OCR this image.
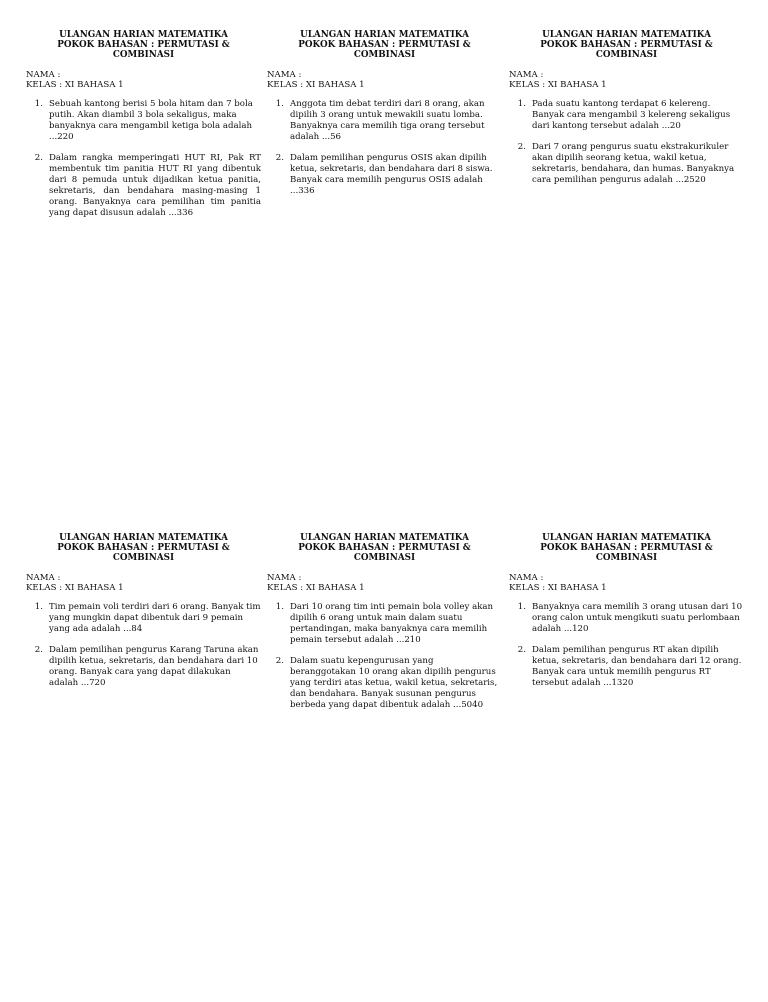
ULANGAN HARIAN MATEMATIKA
POKOK BAHASAN : PERMUTASI & COMBINASI
NAMA :
KELAS : XI BAHASA 1
1. Sebuah kantong berisi 5 bola hitam dan 7 bola putih. Akan diambil 3 bola sekaligus, maka banyaknya cara mengambil ketiga bola adalah ...220
2. Dalam rangka memperingati HUT RI, Pak RT membentuk tim panitia HUT RI yang dibentuk dari 8 pemuda untuk dijadikan ketua panitia, sekretaris, dan bendahara masing-masing 1 orang. Banyaknya cara pemilihan tim panitia yang dapat disusun adalah ...336
ULANGAN HARIAN MATEMATIKA
POKOK BAHASAN : PERMUTASI & COMBINASI
NAMA :
KELAS : XI BAHASA 1
1. Anggota tim debat terdiri dari 8 orang, akan dipilih 3 orang untuk mewakili suatu lomba. Banyaknya cara memilih tiga orang tersebut adalah ...56
2. Dalam pemilihan pengurus OSIS akan dipilih ketua, sekretaris, dan bendahara dari 8 siswa. Banyak cara memilih pengurus OSIS adalah ...336
ULANGAN HARIAN MATEMATIKA
POKOK BAHASAN : PERMUTASI & COMBINASI
NAMA :
KELAS : XI BAHASA 1
1. Pada suatu kantong terdapat 6 kelereng. Banyak cara mengambil 3 kelereng sekaligus dari kantong tersebut adalah ...20
2. Dari 7 orang pengurus suatu ekstrakurikuler akan dipilih seorang ketua, wakil ketua, sekretaris, bendahara, dan humas. Banyaknya cara pemilihan pengurus adalah ...2520
ULANGAN HARIAN MATEMATIKA
POKOK BAHASAN : PERMUTASI & COMBINASI
NAMA :
KELAS : XI BAHASA 1
1. Tim pemain voli terdiri dari 6 orang. Banyak tim yang mungkin dapat dibentuk dari 9 pemain yang ada adalah ...84
2. Dalam pemilihan pengurus Karang Taruna akan dipilih ketua, sekretaris, dan bendahara dari 10 orang. Banyak cara yang dapat dilakukan adalah ...720
ULANGAN HARIAN MATEMATIKA
POKOK BAHASAN : PERMUTASI & COMBINASI
NAMA :
KELAS : XI BAHASA 1
1. Dari 10 orang tim inti pemain bola volley akan dipilih 6 orang untuk main dalam suatu pertandingan, maka banyaknya cara memilih pemain tersebut adalah ...210
2. Dalam suatu kepengurusan yang beranggotakan 10 orang akan dipilih pengurus yang terdiri atas ketua, wakil ketua, sekretaris, dan bendahara. Banyak susunan pengurus berbeda yang dapat dibentuk adalah ...5040
ULANGAN HARIAN MATEMATIKA
POKOK BAHASAN : PERMUTASI & COMBINASI
NAMA :
KELAS : XI BAHASA 1
1. Banyaknya cara memilih 3 orang utusan dari 10 orang calon untuk mengikuti suatu perlombaan adalah ...120
2. Dalam pemilihan pengurus RT akan dipilih ketua, sekretaris, dan bendahara dari 12 orang. Banyak cara untuk memilih pengurus RT tersebut adalah ...1320
